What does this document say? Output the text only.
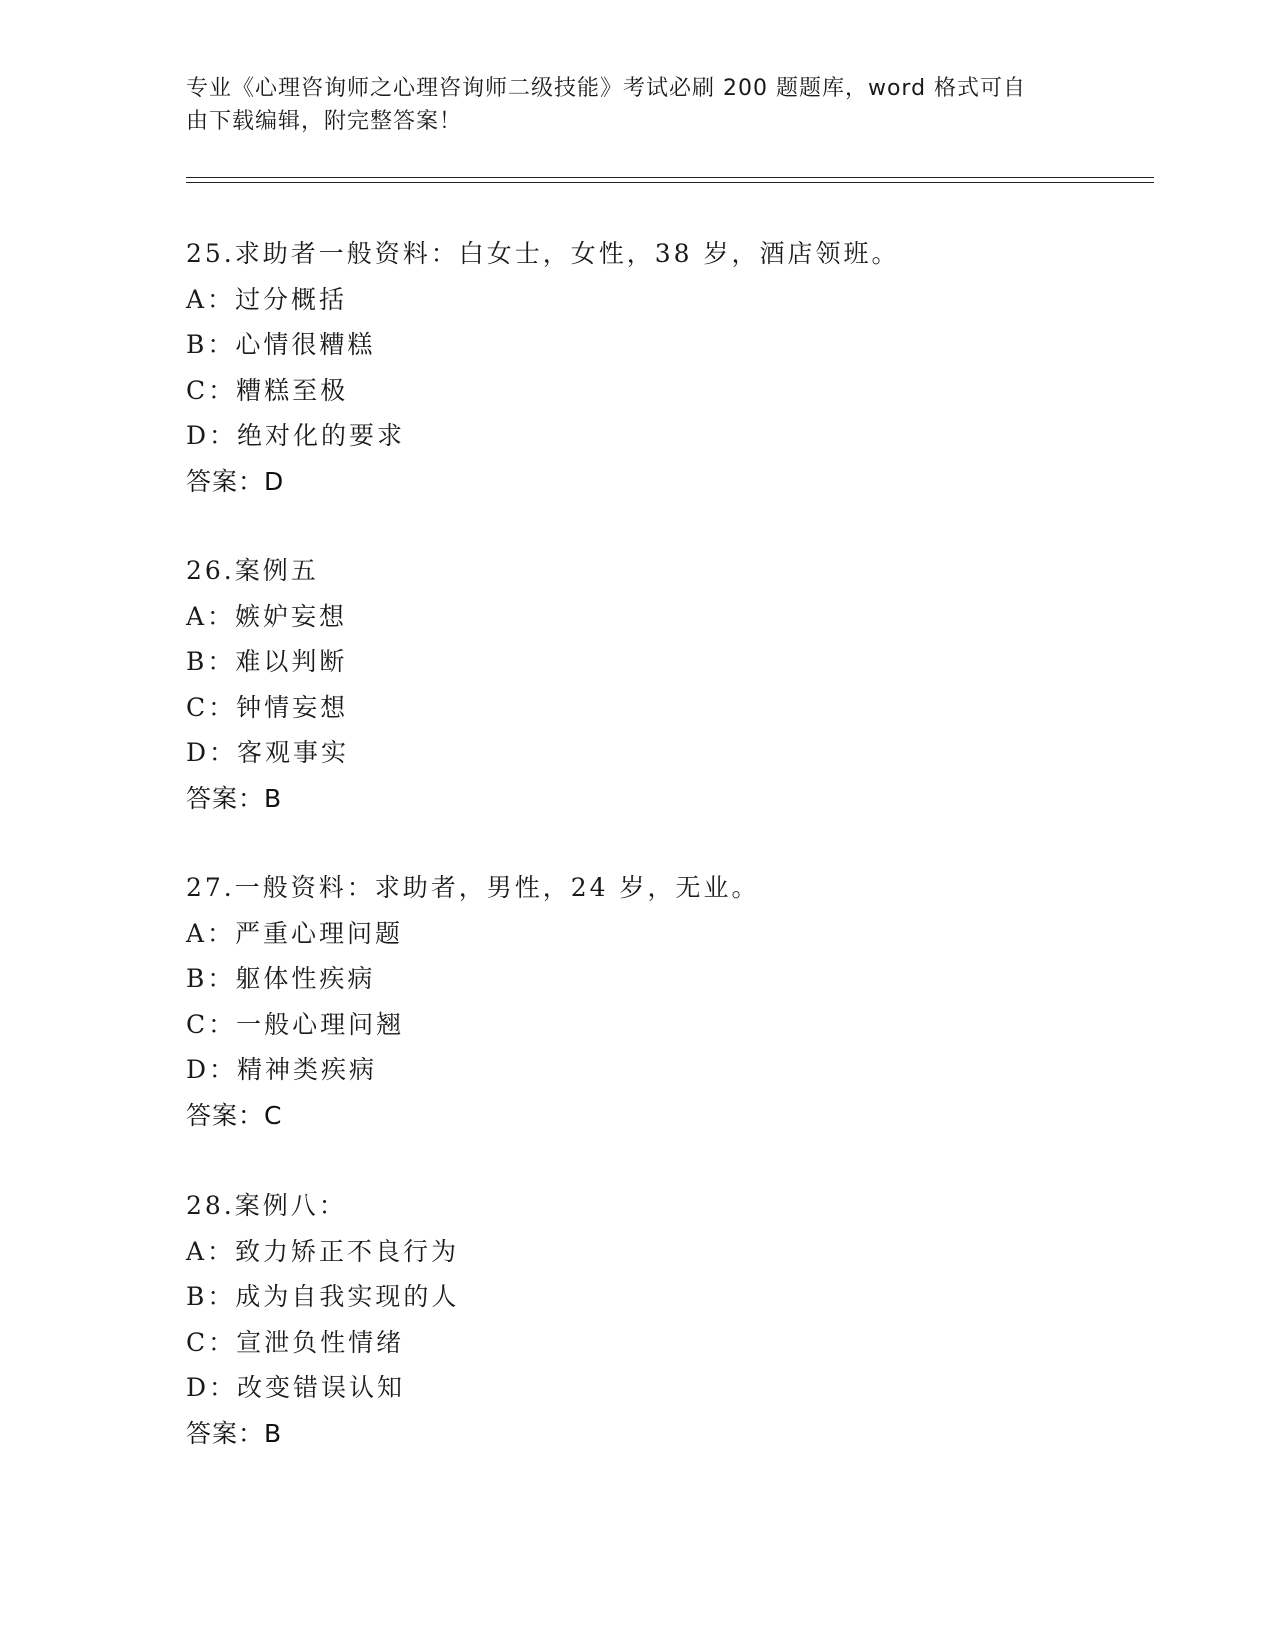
专业《心理咨询师之心理咨询师二级技能》考试必刷 200 题题库，word 格式可自
由下载编辑，附完整答案！
25.求助者一般资料：白女士，女性，38 岁，酒店领班。
A：过分概括
B：心情很糟糕
C：糟糕至极
D：绝对化的要求
答案：D
26.案例五
A：嫉妒妄想
B：难以判断
C：钟情妄想
D：客观事实
答案：B
27.一般资料：求助者，男性，24 岁，无业。
A：严重心理问题
B：躯体性疾病
C：一般心理问翘
D：精神类疾病
答案：C
28.案例八：
A：致力矫正不良行为
B：成为自我实现的人
C：宣泄负性情绪
D：改变错误认知
答案：B
